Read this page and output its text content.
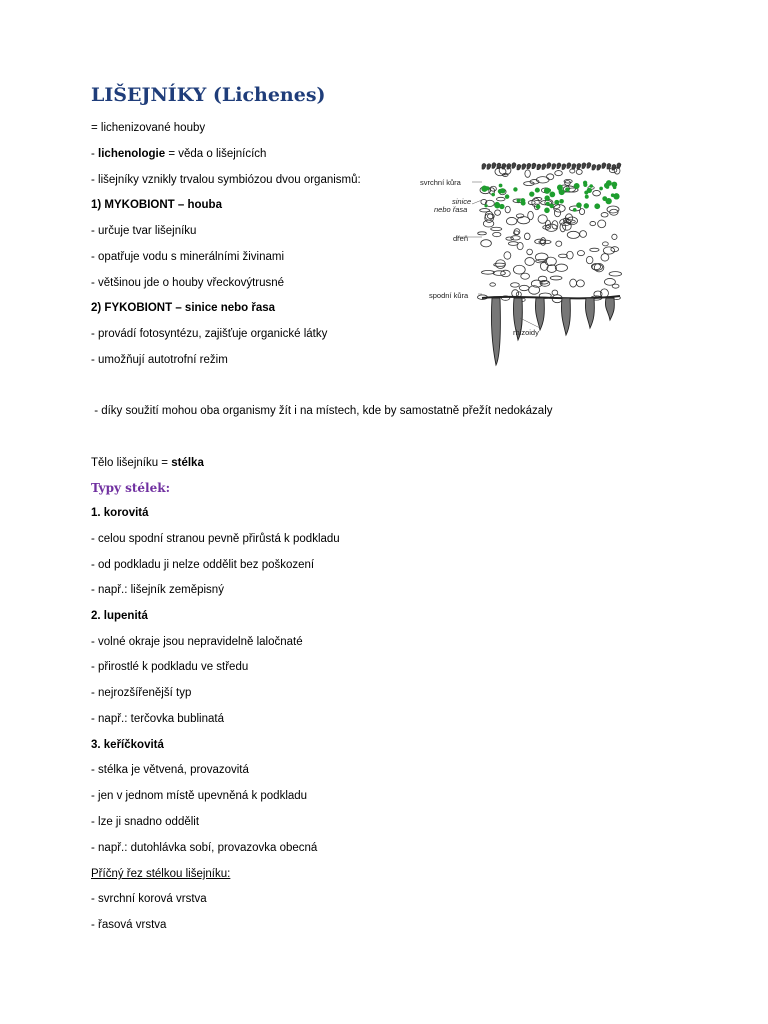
LIŠEJNÍKY (Lichenes)
= lichenizované houby
- lichenologie = věda o lišejnících
- lišejníky vznikly trvalou symbiózou dvou organismů:
1) MYKOBIONT – houba
- určuje tvar lišejníku
- opatřuje vodu s minerálními živinami
- většinou jde o houby vřeckovýtrusné
2) FYKOBIONT – sinice nebo řasa
- provádí fotosyntézu, zajišťuje organické látky
- umožňují autotrofní režim
- díky soužití mohou oba organismy žít i na místech, kde by samostatně přežít nedokázaly
Tělo lišejníku = stélka
Typy stélek:
1. korovitá
- celou spodní stranou pevně přirůstá k podkladu
- od podkladu ji nelze oddělit bez poškození
- např.: lišejník zeměpisný
2. lupenitá
- volné okraje jsou nepravidelně laločnaté
- přirostlé k podkladu ve středu
- nejrozšířenější typ
- např.: terčovka bublinatá
3. keříčkovitá
- stélka je větvená, provazovitá
- jen v jednom místě upevněná k podkladu
- lze ji snadno oddělit
- např.: dutohlávka sobí, provazovka obecná
Příčný řez stélkou lišejníku:
- svrchní korová vrstva
- řasová vrstva
svrchní kůra
sinice
nebo řasa
dřeň
spodní kůra
rhizoidy
